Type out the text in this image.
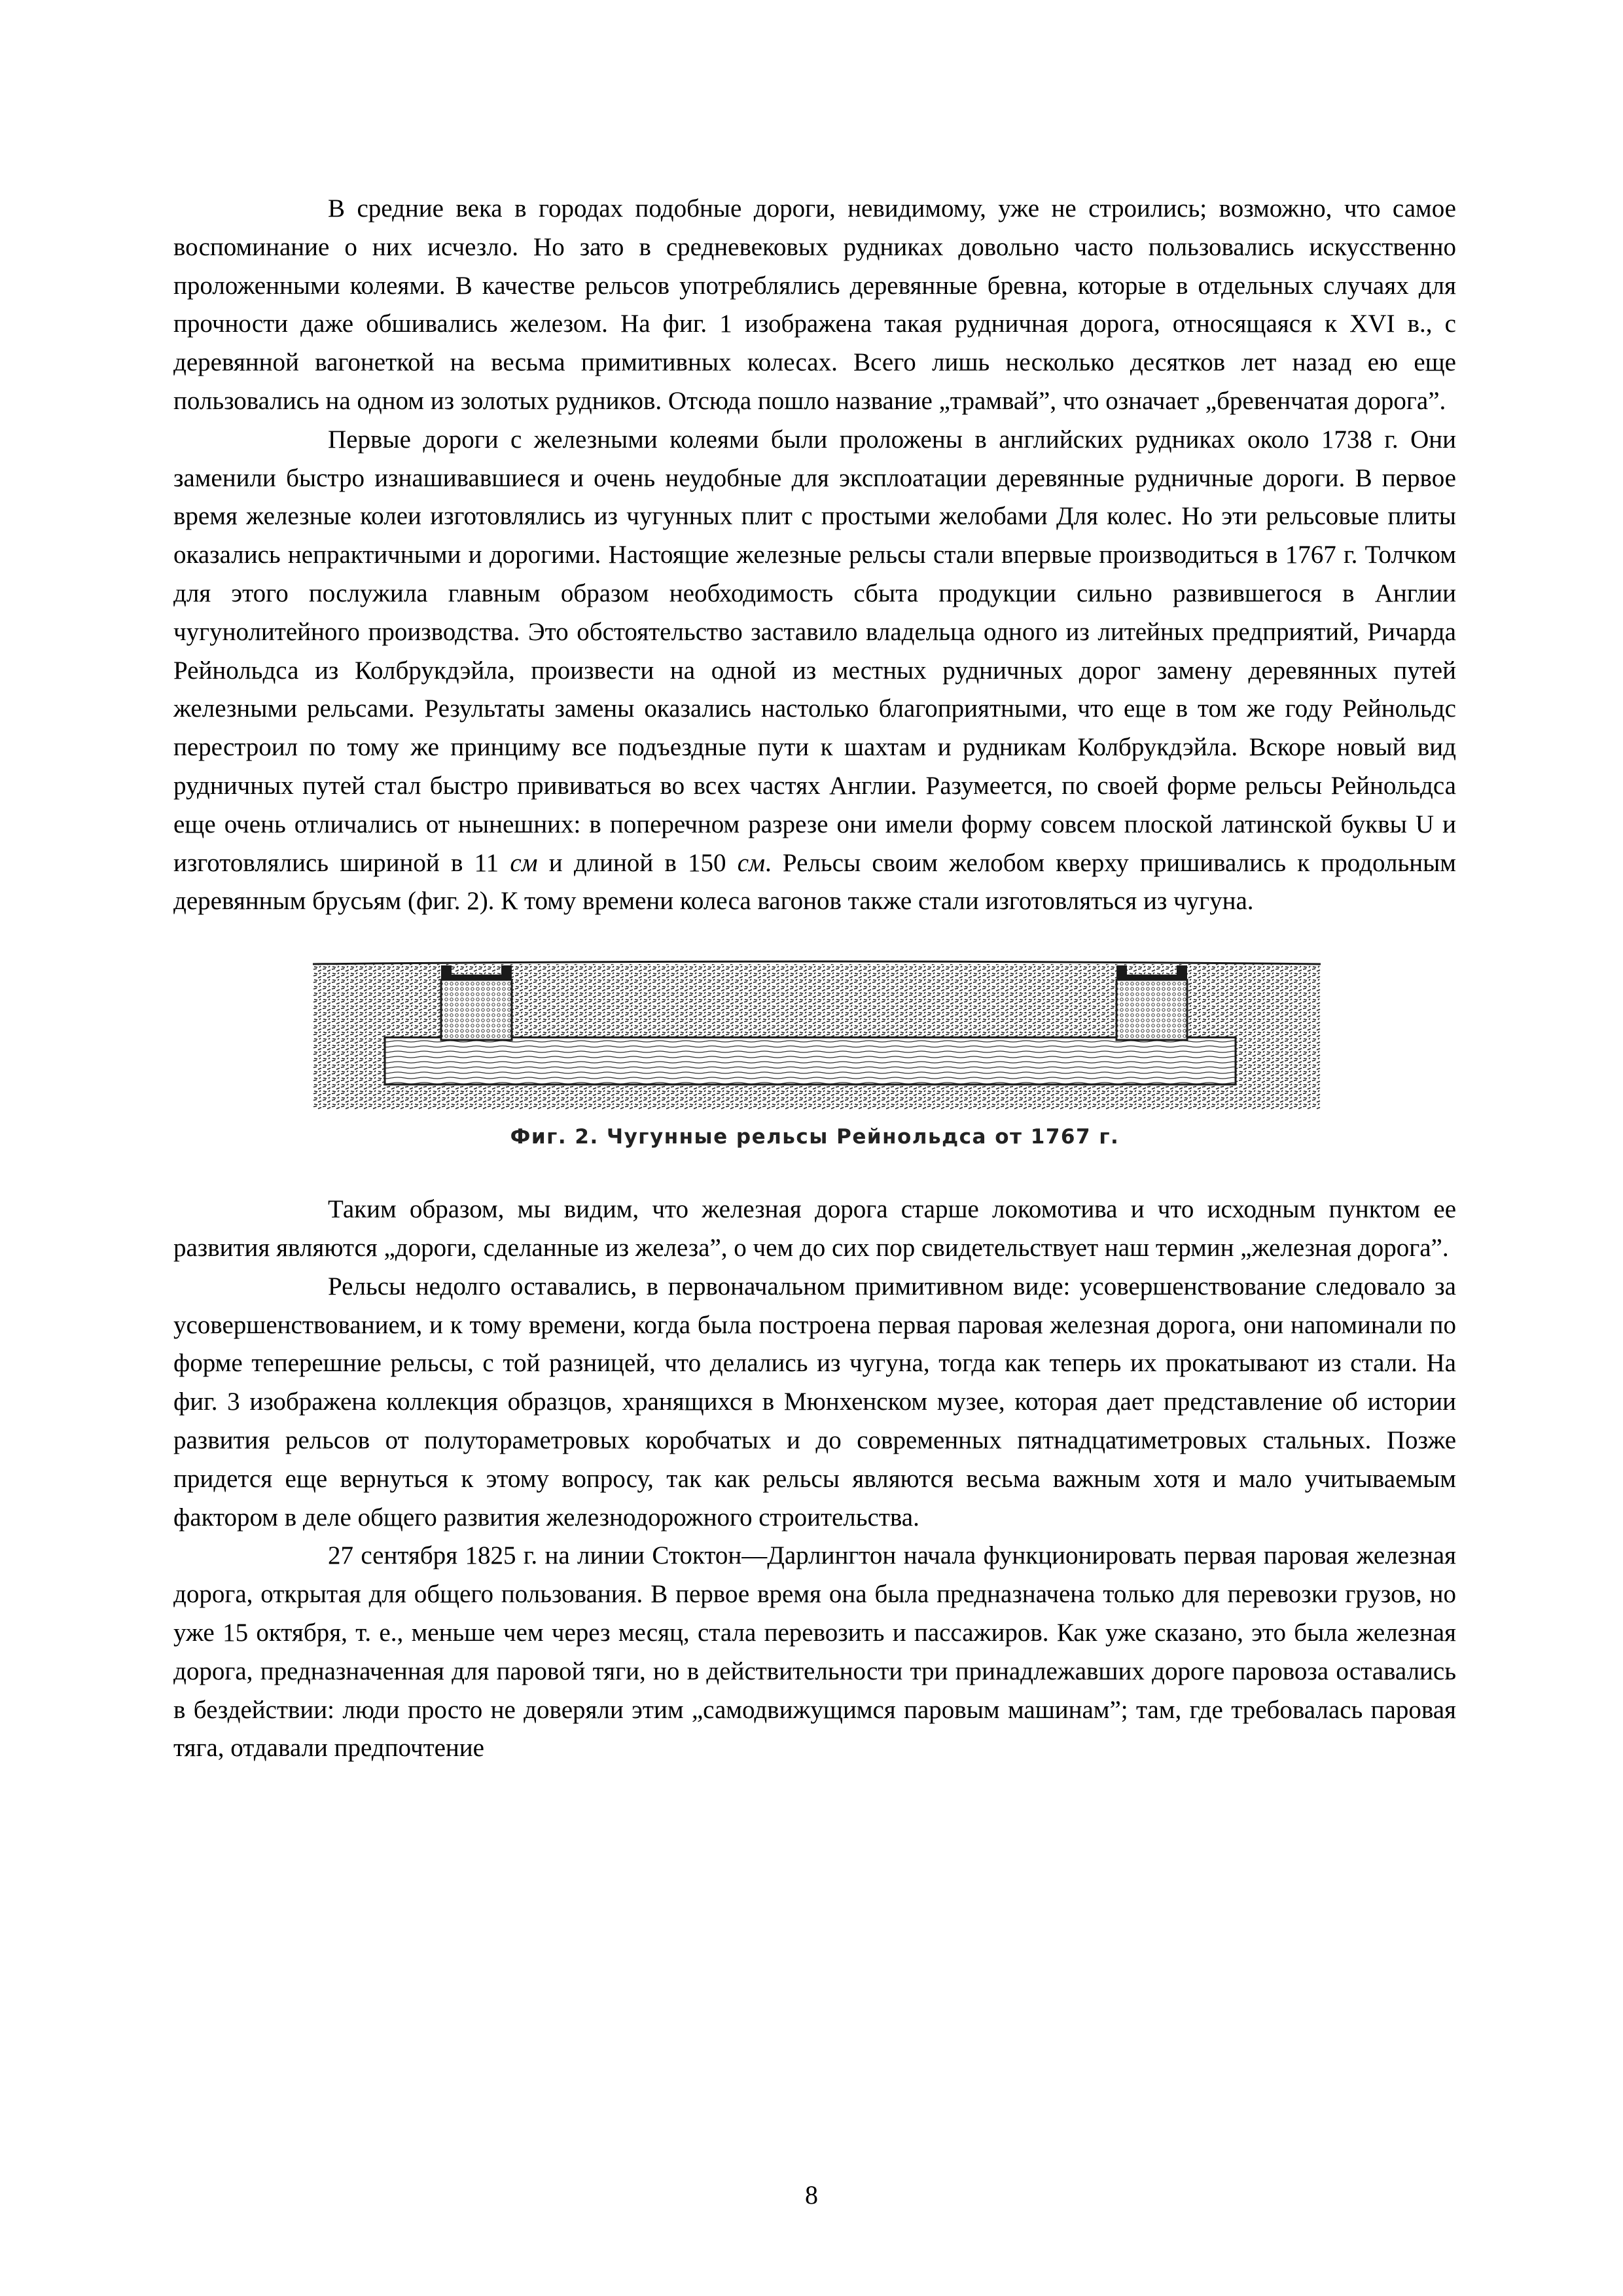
В средние века в городах подобные дороги, невидимому, уже не строились; возможно, что самое воспоминание о них исчезло. Но зато в средневековых рудниках довольно часто пользовались искусственно проложенными колеями. В качестве рельсов употреблялись деревянные бревна, которые в отдельных случаях для прочности даже обшивались железом. На фиг. 1 изображена такая рудничная дорога, относящаяся к XVI в., с деревянной вагонеткой на весьма примитивных колесах. Всего лишь несколько десятков лет назад ею еще пользовались на одном из золотых рудников. Отсюда пошло название „трамвай”, что означает „бревенчатая дорога”.

Первые дороги с железными колеями были проложены в английских рудниках около 1738 г. Они заменили быстро изнашивавшиеся и очень неудобные для эксплоатации деревянные рудничные дороги. В первое время железные колеи изготовлялись из чугунных плит с простыми желобами Для колес. Но эти рельсовые плиты оказались непрактичными и дорогими. Настоящие железные рельсы стали впервые производиться в 1767 г. Толчком для этого послужила главным образом необходимость сбыта продукции сильно развившегося в Англии чугунолитейного производства. Это обстоятельство заставило владельца одного из литейных предприятий, Ричарда Рейнольдса из Колбрукдэйла, произвести на одной из местных рудничных дорог замену деревянных путей железными рельсами. Результаты замены оказались настолько благоприятными, что еще в том же году Рейнольдс перестроил по тому же принциму все подъездные пути к шахтам и рудникам Колбрукдэйла. Вскоре новый вид рудничных путей стал быстро прививаться во всех частях Англии. Разумеется, по своей форме рельсы Рейнольдса еще очень отличались от нынешних: в поперечном разрезе они имели форму совсем плоской латинской буквы U и изготовлялись шириной в 11 см и длиной в 150 см. Рельсы своим желобом кверху пришивались к продольным деревянным брусьям (фиг. 2). К тому времени колеса вагонов также стали изготовляться из чугуна.

Фиг. 2. Чугунные рельсы Рейнольдса от 1767 г.

Таким образом, мы видим, что железная дорога старше локомотива и что исходным пунктом ее развития являются „дороги, сделанные из железа”, о чем до сих пор свидетельствует наш термин „железная дорога”.

Рельсы недолго оставались, в первоначальном примитивном виде: усовершенствование следовало за усовершенствованием, и к тому времени, когда была построена первая паровая железная дорога, они напоминали по форме теперешние рельсы, с той разницей, что делались из чугуна, тогда как теперь их прокатывают из стали. На фиг. 3 изображена коллекция образцов, хранящихся в Мюнхенском музее, которая дает представление об истории развития рельсов от полутораметровых коробчатых и до современных пятнадцатиметровых стальных. Позже придется еще вернуться к этому вопросу, так как рельсы являются весьма важным хотя и мало учитываемым фактором в деле общего развития железнодорожного строительства.

27 сентября 1825 г. на линии Стоктон—Дарлингтон начала функционировать первая паровая железная дорога, открытая для общего пользования. В первое время она была предназначена только для перевозки грузов, но уже 15 октября, т. е., меньше чем через месяц, стала перевозить и пассажиров. Как уже сказано, это была железная дорога, предназначенная для паровой тяги, но в действительности три принадлежавших дороге паровоза оставались в бездействии: люди просто не доверяли этим „самодвижущимся паровым машинам”; там, где требовалась паровая тяга, отдавали предпочтение

8
